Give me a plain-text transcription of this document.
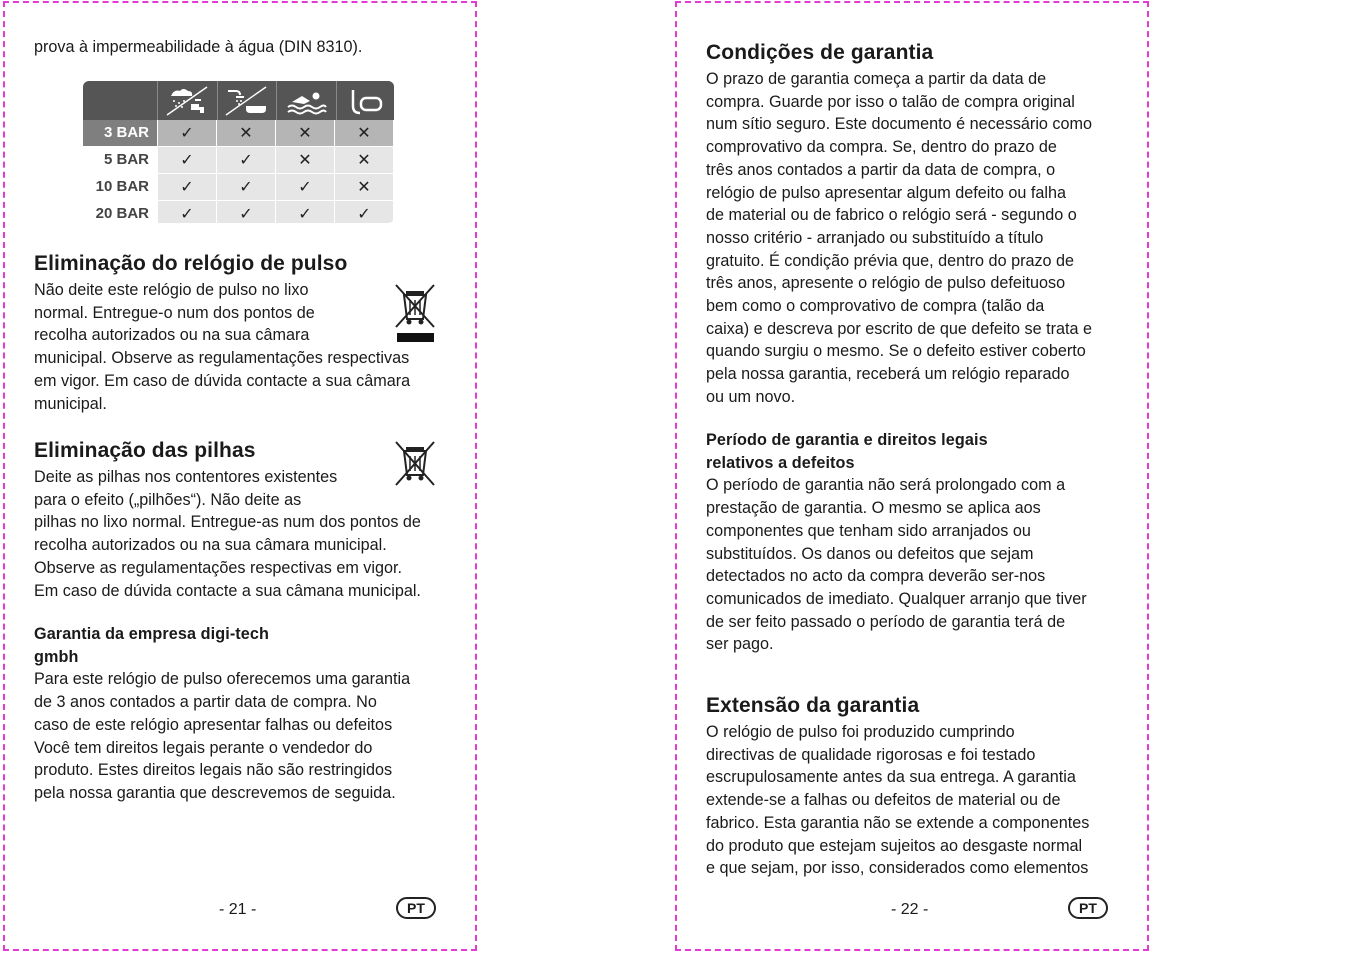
prova à impermeabilidade à água (DIN 8310).

3 BAR	✓	✕	✕	✕
5 BAR	✓	✓	✕	✕
10 BAR	✓	✓	✓	✕
20 BAR	✓	✓	✓	✓
Eliminação do relógio de pulso

Não deite este relógio de pulso no lixo

normal. Entregue-o num dos pontos de

recolha autorizados ou na sua câmara

municipal. Observe as regulamentações respectivas

em vigor. Em caso de dúvida contacte a sua câmara

municipal.

Eliminação das pilhas

Deite as pilhas nos contentores existentes

para o efeito („pilhões“). Não deite as

pilhas no lixo normal. Entregue-as num dos pontos de

recolha autorizados ou na sua câmara municipal.

Observe as regulamentações respectivas em vigor.

Em caso de dúvida contacte a sua câmana municipal.

Garantia da empresa digi-tech
gmbh

Para este relógio de pulso oferecemos uma garantia

de 3 anos contados a partir data de compra. No

caso de este relógio apresentar falhas ou defeitos

Você tem direitos legais perante o vendedor do

produto. Estes direitos legais não são restringidos

pela nossa garantia que descrevemos de seguida.

- 21 -	PT
Condições de garantia

O prazo de garantia começa a partir da data de

compra. Guarde por isso o talão de compra original

num sítio seguro. Este documento é necessário como

comprovativo da compra. Se, dentro do prazo de

três anos contados a partir da data de compra, o

relógio de pulso apresentar algum defeito ou falha

de material ou de fabrico o relógio será - segundo o

nosso critério - arranjado ou substituído a título

gratuito. É condição prévia que, dentro do prazo de

três anos, apresente o relógio de pulso defeituoso

bem como o comprovativo de compra (talão da

caixa) e descreva por escrito de que defeito se trata e

quando surgiu o mesmo. Se o defeito estiver coberto

pela nossa garantia, receberá um relógio reparado

ou um novo.

Período de garantia e direitos legais
relativos a defeitos

O período de garantia não será prolongado com a

prestação de garantia. O mesmo se aplica aos

componentes que tenham sido arranjados ou

substituídos. Os danos ou defeitos que sejam

detectados no acto da compra deverão ser-nos

comunicados de imediato. Qualquer arranjo que tiver

de ser feito passado o período de garantia terá de

ser pago.

Extensão da garantia

O relógio de pulso foi produzido cumprindo

directivas de qualidade rigorosas e foi testado

escrupulosamente antes da sua entrega. A garantia

extende-se a falhas ou defeitos de material ou de

fabrico. Esta garantia não se extende a componentes

do produto que estejam sujeitos ao desgaste normal

e que sejam, por isso, considerados como elementos

- 22 -	PT
